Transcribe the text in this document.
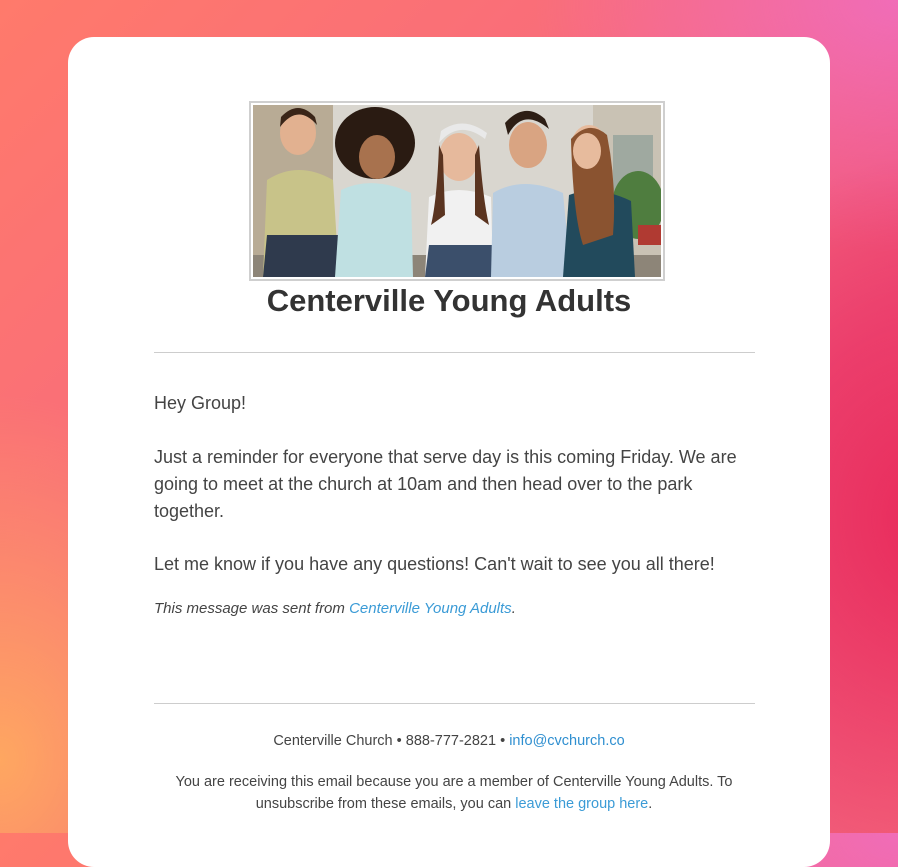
Centerville Young Adults

Hey Group!

Just a reminder for everyone that serve day is this coming Friday. We are going to meet at the church at 10am and then head over to the park together.

Let me know if you have any questions! Can't wait to see you all there!

This message was sent from Centerville Young Adults.

Centerville Church • 888-777-2821 • info@cvchurch.co

You are receiving this email because you are a member of Centerville Young Adults. To unsubscribe from these emails, you can leave the group here.
